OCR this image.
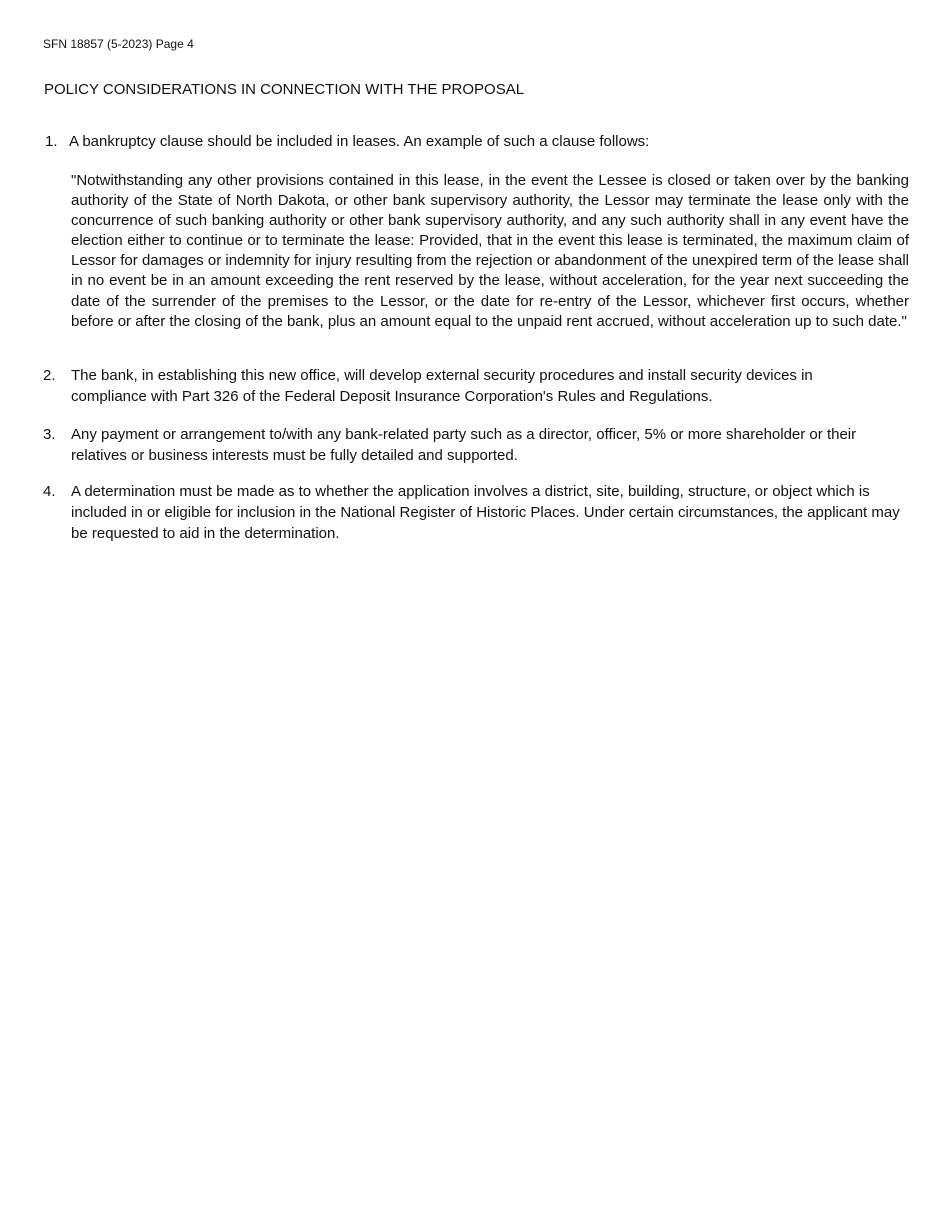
SFN 18857 (5-2023) Page 4
POLICY CONSIDERATIONS IN CONNECTION WITH THE PROPOSAL
1. A bankruptcy clause should be included in leases. An example of such a clause follows:
"Notwithstanding any other provisions contained in this lease, in the event the Lessee is closed or taken over by the banking authority of the State of North Dakota, or other bank supervisory authority, the Lessor may terminate the lease only with the concurrence of such banking authority or other bank supervisory authority, and any such authority shall in any event have the election either to continue or to terminate the lease: Provided, that in the event this lease is terminated, the maximum claim of Lessor for damages or indemnity for injury resulting from the rejection or abandonment of the unexpired term of the lease shall in no event be in an amount exceeding the rent reserved by the lease, without acceleration, for the year next succeeding the date of the surrender of the premises to the Lessor, or the date for re-entry of the Lessor, whichever first occurs, whether before or after the closing of the bank, plus an amount equal to the unpaid rent accrued, without acceleration up to such date."
2. The bank, in establishing this new office, will develop external security procedures and install security devices in compliance with Part 326 of the Federal Deposit Insurance Corporation's Rules and Regulations.
3. Any payment or arrangement to/with any bank-related party such as a director, officer, 5% or more shareholder or their relatives or business interests must be fully detailed and supported.
4. A determination must be made as to whether the application involves a district, site, building, structure, or object which is included in or eligible for inclusion in the National Register of Historic Places. Under certain circumstances, the applicant may be requested to aid in the determination.
